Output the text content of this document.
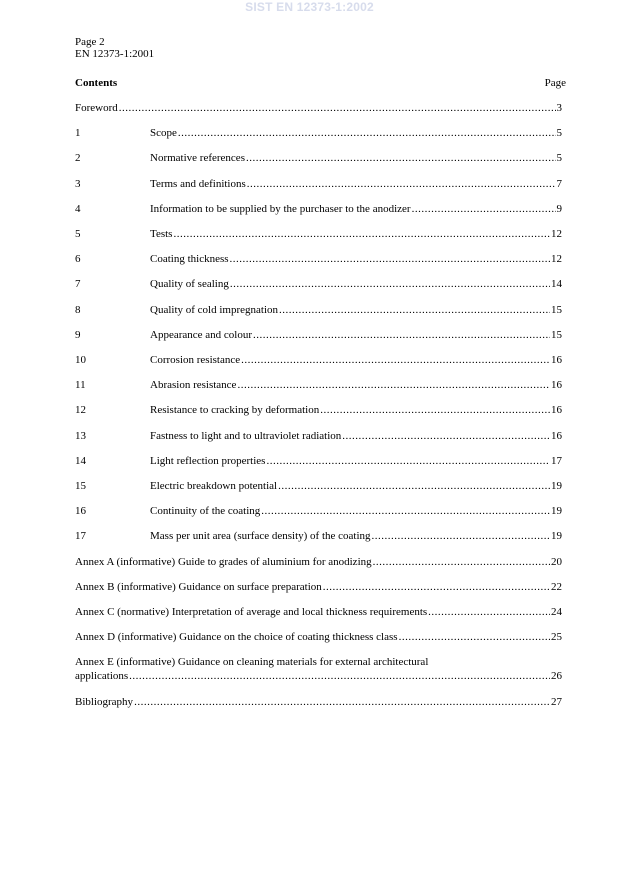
SIST EN 12373-1:2002
Page 2
EN 12373-1:2001
Contents	Page
Foreword .....	3
1	Scope .....	5
2	Normative references .....	5
3	Terms and definitions .....	7
4	Information to be supplied by the purchaser to the anodizer .....	9
5	Tests .....	12
6	Coating thickness .....	12
7	Quality of sealing .....	14
8	Quality of cold impregnation .....	15
9	Appearance and colour .....	15
10	Corrosion resistance .....	16
11	Abrasion resistance .....	16
12	Resistance to cracking by deformation .....	16
13	Fastness to light and to ultraviolet radiation .....	16
14	Light reflection properties .....	17
15	Electric breakdown potential .....	19
16	Continuity of the coating .....	19
17	Mass per unit area (surface density) of the coating .....	19
Annex A (informative) Guide to grades of aluminium for anodizing .....	20
Annex B (informative) Guidance on surface preparation .....	22
Annex C (normative) Interpretation of average and local thickness requirements .....	24
Annex D (informative) Guidance on the choice of coating thickness class .....	25
Annex E (informative) Guidance on cleaning materials for external architectural
applications .....	26
Bibliography .....	27
